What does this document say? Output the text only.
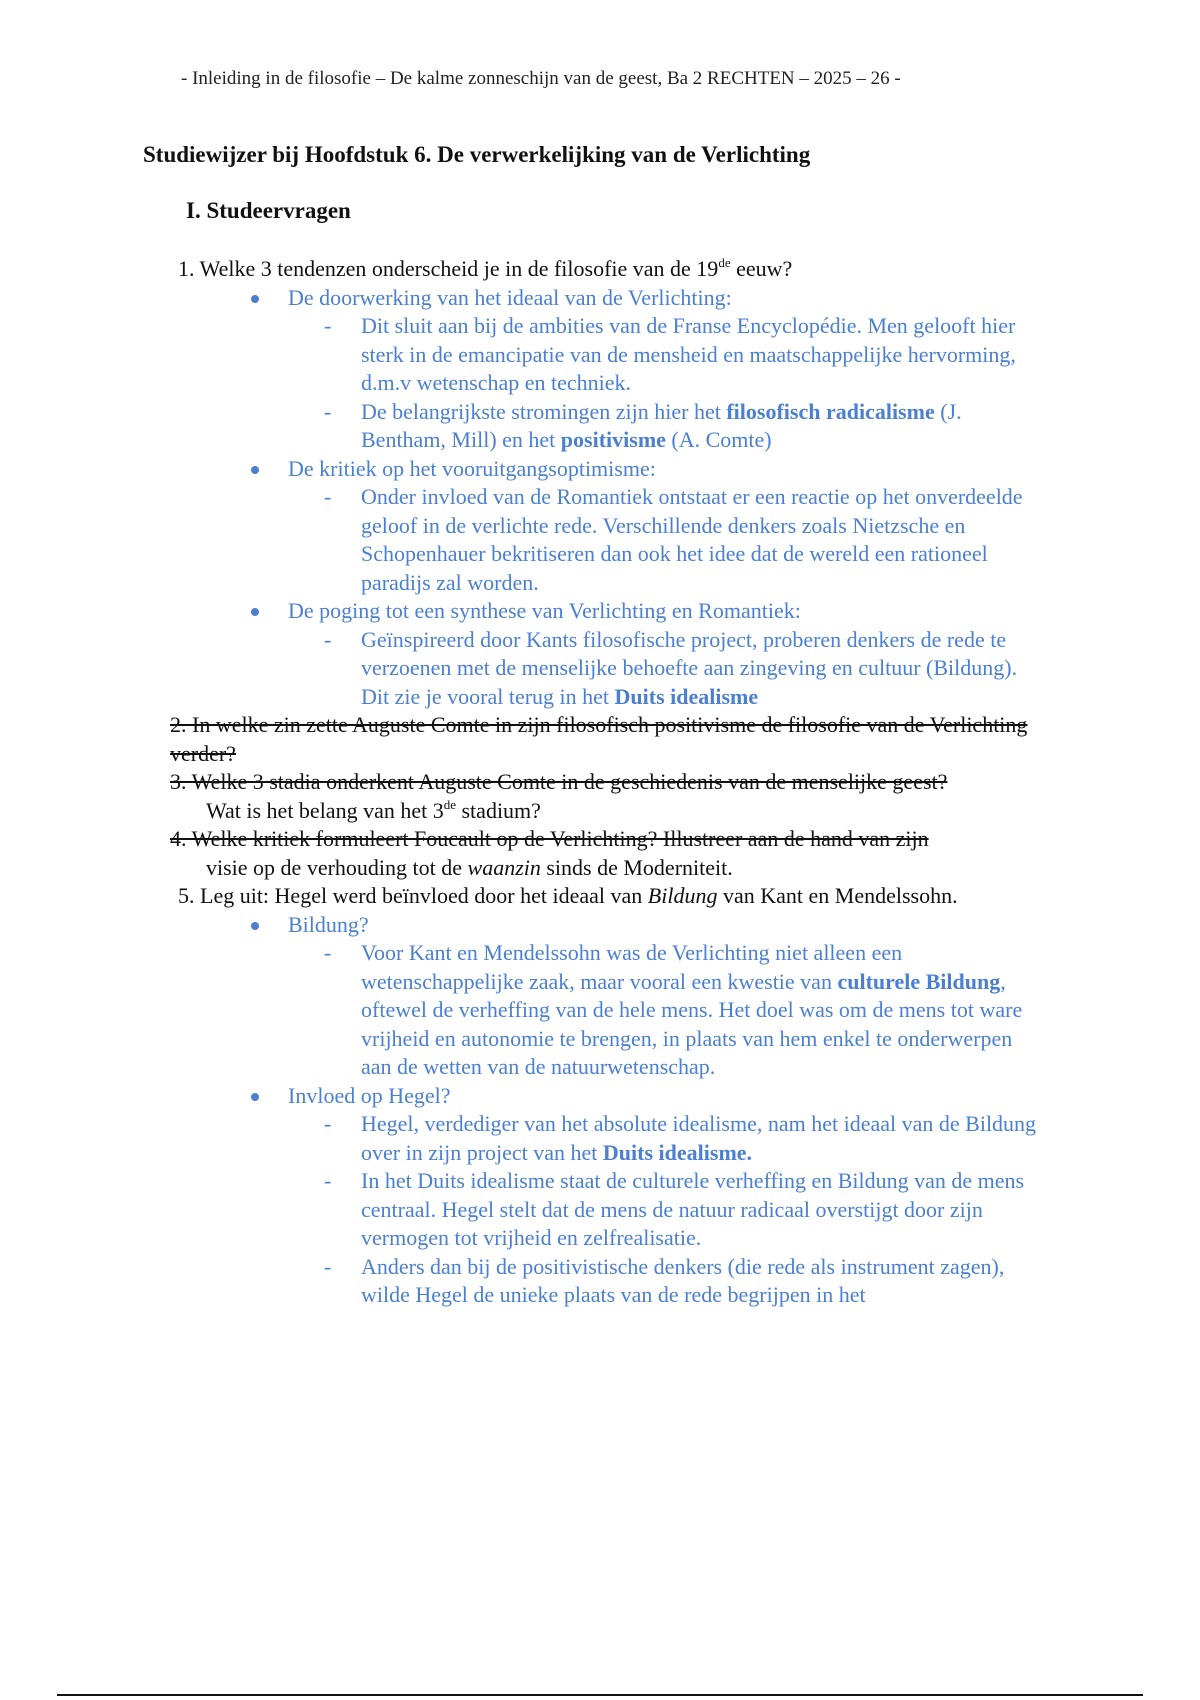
- Inleiding in de filosofie – De kalme zonneschijn van de geest, Ba 2 RECHTEN – 2025 – 26 -
Studiewijzer bij Hoofdstuk 6. De verwerkelijking van de Verlichting
I. Studeervragen

1. Welke 3 tendenzen onderscheid je in de filosofie van de 19de eeuw?

De doorwerking van het ideaal van de Verlichting:
- Dit sluit aan bij de ambities van de Franse Encyclopédie. Men gelooft hier sterk in de emancipatie van de mensheid en maatschappelijke hervorming, d.m.v wetenschap en techniek.
- De belangrijkste stromingen zijn hier het filosofisch radicalisme (J. Bentham, Mill) en het positivisme (A. Comte)
De kritiek op het vooruitgangsoptimisme:
- Onder invloed van de Romantiek ontstaat er een reactie op het onverdeelde geloof in de verlichte rede. Verschillende denkers zoals Nietzsche en Schopenhauer bekritiseren dan ook het idee dat de wereld een rationeel paradijs zal worden.
De poging tot een synthese van Verlichting en Romantiek:
- Geïnspireerd door Kants filosofische project, proberen denkers de rede te verzoenen met de menselijke behoefte aan zingeving en cultuur (Bildung). Dit zie je vooral terug in het Duits idealisme

2. In welke zin zette Auguste Comte in zijn filosofisch positivisme de filosofie van de Verlichting verder?

3. Welke 3 stadia onderkent Auguste Comte in de geschiedenis van de menselijke geest?
Wat is het belang van het 3de stadium?

4. Welke kritiek formuleert Foucault op de Verlichting? Illustreer aan de hand van zijn
visie op de verhouding tot de waanzin sinds de Moderniteit.

5. Leg uit: Hegel werd beïnvloed door het ideaal van Bildung van Kant en Mendelssohn.

Bildung?
- Voor Kant en Mendelssohn was de Verlichting niet alleen een wetenschappelijke zaak, maar vooral een kwestie van culturele Bildung, oftewel de verheffing van de hele mens. Het doel was om de mens tot ware vrijheid en autonomie te brengen, in plaats van hem enkel te onderwerpen aan de wetten van de natuurwetenschap.
Invloed op Hegel?
- Hegel, verdediger van het absolute idealisme, nam het ideaal van de Bildung over in zijn project van het Duits idealisme.
- In het Duits idealisme staat de culturele verheffing en Bildung van de mens centraal. Hegel stelt dat de mens de natuur radicaal overstijgt door zijn vermogen tot vrijheid en zelfrealisatie.
- Anders dan bij de positivistische denkers (die rede als instrument zagen), wilde Hegel de unieke plaats van de rede begrijpen in het
